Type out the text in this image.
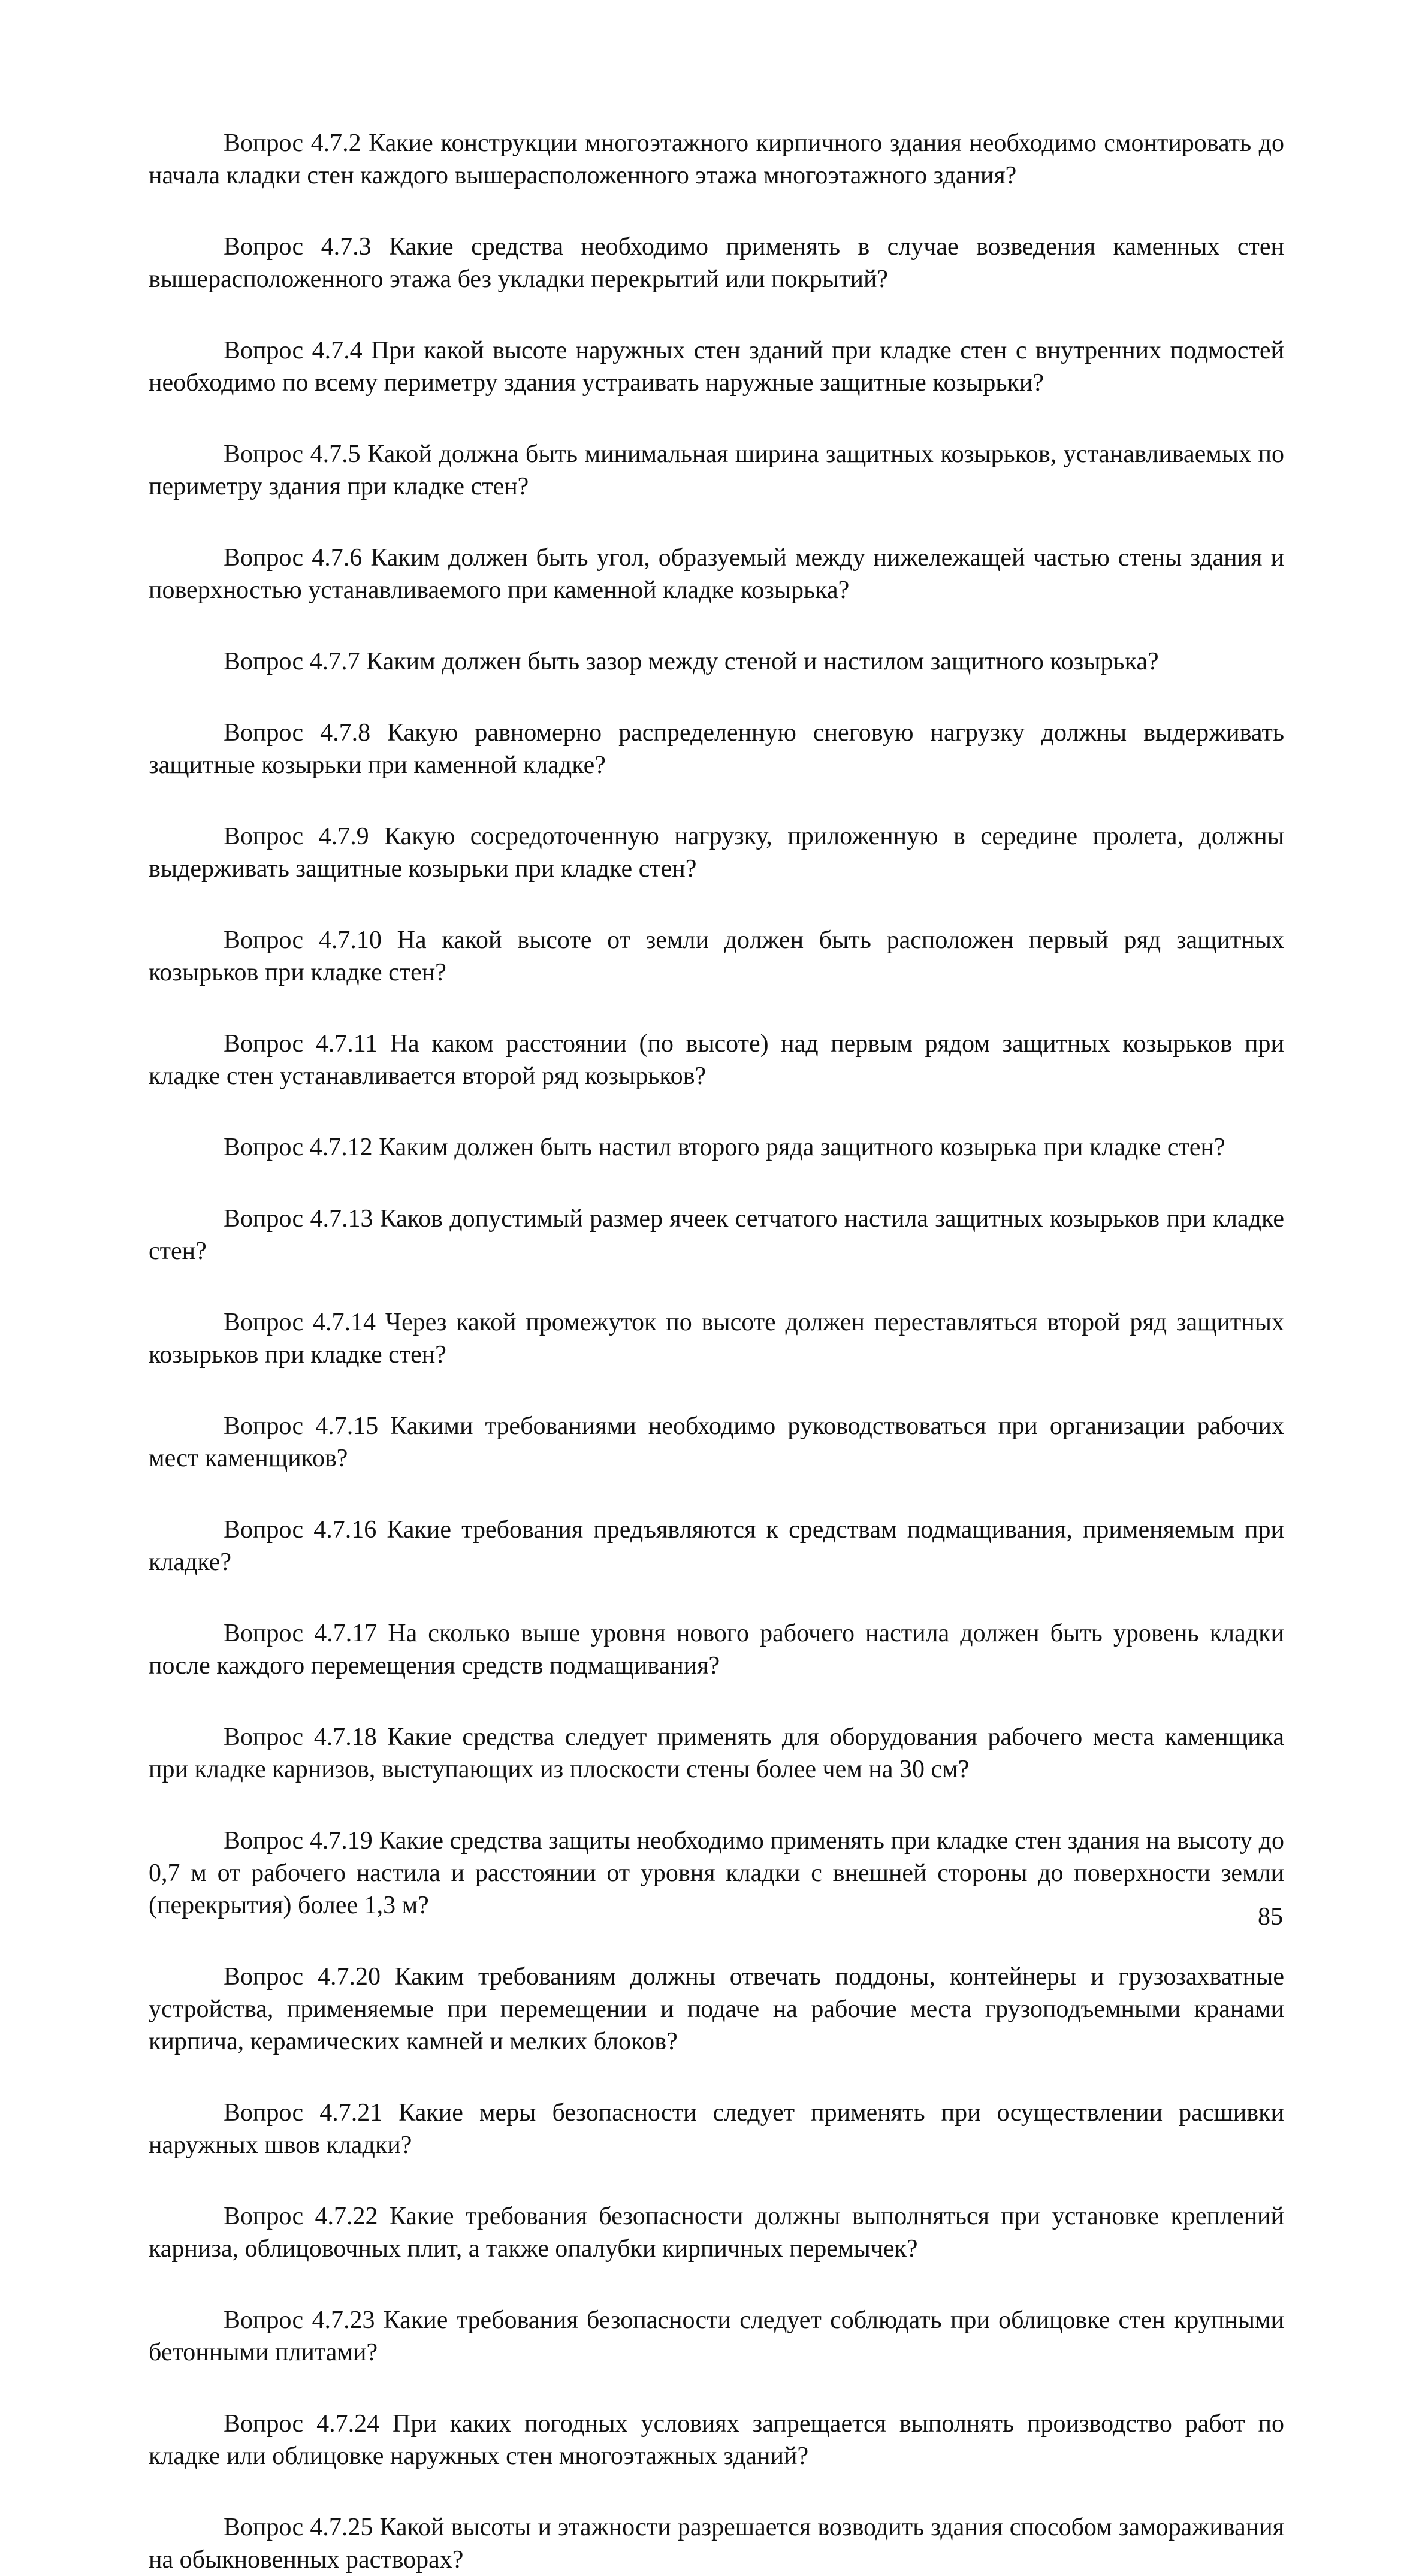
Вопрос 4.7.2 Какие конструкции многоэтажного кирпичного здания необходимо смонтировать до начала кладки стен каждого вышерасположенного этажа многоэтажного здания?

Вопрос 4.7.3 Какие средства необходимо применять в случае возведения каменных стен вышерасположенного этажа без укладки перекрытий или покрытий?

Вопрос 4.7.4 При какой высоте наружных стен зданий при кладке стен с внутренних подмостей необходимо по всему периметру здания устраивать наружные защитные козырьки?

Вопрос 4.7.5 Какой должна быть минимальная ширина защитных козырьков, устанавливаемых по периметру здания при кладке стен?

Вопрос 4.7.6 Каким должен быть угол, образуемый между нижележащей частью стены здания и поверхностью устанавливаемого при каменной кладке козырька?

Вопрос 4.7.7 Каким должен быть зазор между стеной и настилом защитного козырька?

Вопрос 4.7.8 Какую равномерно распределенную снеговую нагрузку должны выдерживать защитные козырьки при каменной кладке?

Вопрос 4.7.9 Какую сосредоточенную нагрузку, приложенную в середине пролета, должны выдерживать защитные козырьки при кладке стен?

Вопрос 4.7.10 На какой высоте от земли должен быть расположен первый ряд защитных козырьков при кладке стен?

Вопрос 4.7.11 На каком расстоянии (по высоте) над первым рядом защитных козырьков при кладке стен устанавливается второй ряд козырьков?

Вопрос 4.7.12 Каким должен быть настил второго ряда защитного козырька при кладке стен?

Вопрос 4.7.13 Каков допустимый размер ячеек сетчатого настила защитных козырьков при кладке стен?

Вопрос 4.7.14 Через какой промежуток по высоте должен переставляться второй ряд защитных козырьков при кладке стен?

Вопрос 4.7.15 Какими требованиями необходимо руководствоваться при организации рабочих мест каменщиков?

Вопрос 4.7.16 Какие требования предъявляются к средствам подмащивания, применяемым при кладке?

Вопрос 4.7.17 На сколько выше уровня нового рабочего настила должен быть уровень кладки после каждого перемещения средств подмащивания?

Вопрос 4.7.18 Какие средства следует применять для оборудования рабочего места каменщика при кладке карнизов, выступающих из плоскости стены более чем на 30 см?

Вопрос 4.7.19 Какие средства защиты необходимо применять при кладке стен здания на высоту до 0,7 м от рабочего настила и расстоянии от уровня кладки с внешней стороны до поверхности земли (перекрытия) более 1,3 м?

Вопрос 4.7.20 Каким требованиям должны отвечать поддоны, контейнеры и грузозахватные устройства, применяемые при перемещении и подаче на рабочие места грузоподъемными кранами кирпича, керамических камней и мелких блоков?

Вопрос 4.7.21 Какие меры безопасности следует применять при осуществлении расшивки наружных швов кладки?

Вопрос 4.7.22 Какие требования безопасности должны выполняться при установке креплений карниза, облицовочных плит, а также опалубки кирпичных перемычек?

Вопрос 4.7.23 Какие требования безопасности следует соблюдать при облицовке стен крупными бетонными плитами?

Вопрос 4.7.24 При каких погодных условиях запрещается выполнять производство работ по кладке или облицовке наружных стен многоэтажных зданий?

Вопрос 4.7.25 Какой высоты и этажности разрешается возводить здания способом замораживания на обыкновенных растворах?

85
